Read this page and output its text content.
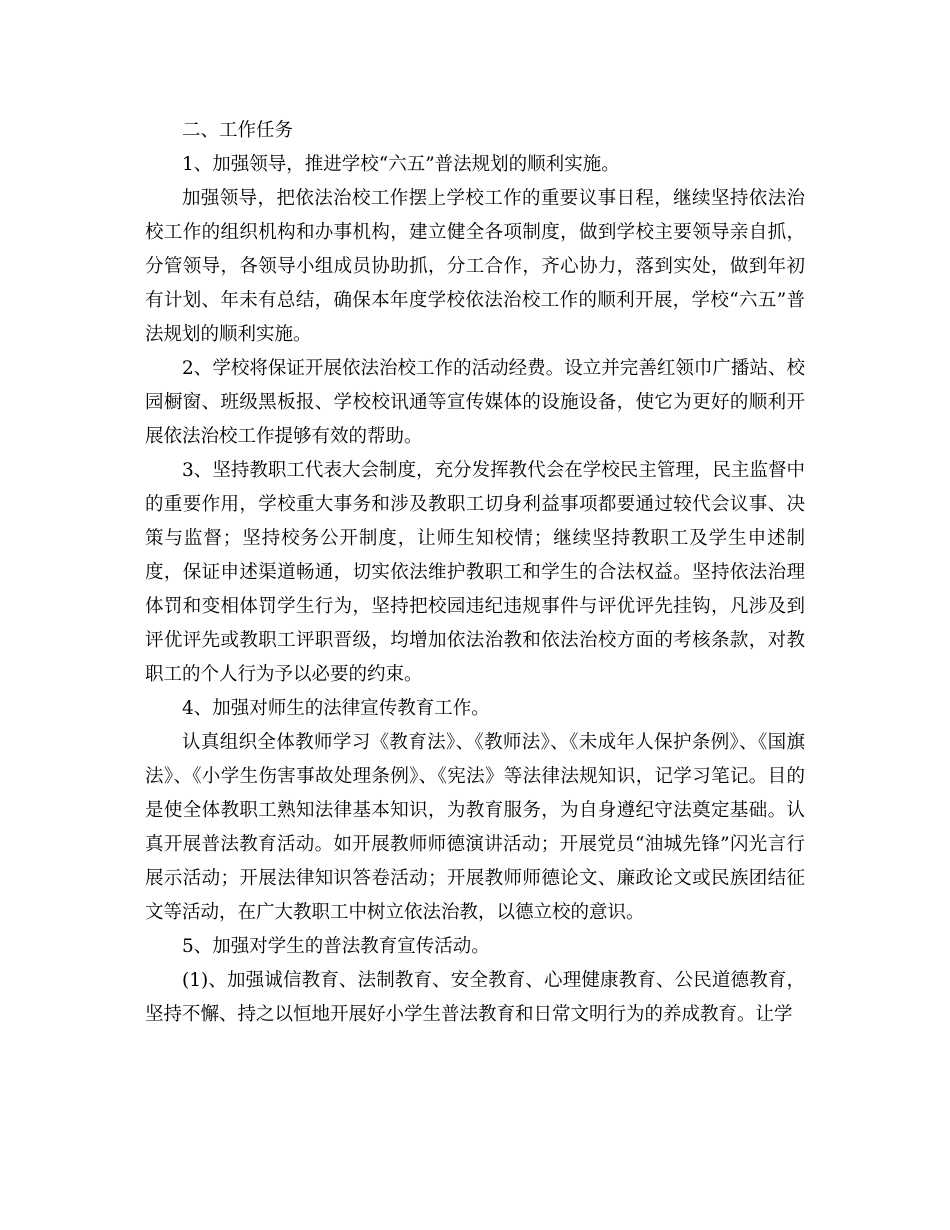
二、工作任务

1、加强领导，推进学校“六五”普法规划的顺利实施。

加强领导，把依法治校工作摆上学校工作的重要议事日程，继续坚持依法治校工作的组织机构和办事机构，建立健全各项制度，做到学校主要领导亲自抓，分管领导，各领导小组成员协助抓，分工合作，齐心协力，落到实处，做到年初有计划、年未有总结，确保本年度学校依法治校工作的顺利开展，学校“六五”普法规划的顺利实施。

2、学校将保证开展依法治校工作的活动经费。设立并完善红领巾广播站、校园橱窗、班级黑板报、学校校讯通等宣传媒体的设施设备，使它为更好的顺利开展依法治校工作提够有效的帮助。

3、坚持教职工代表大会制度，充分发挥教代会在学校民主管理，民主监督中的重要作用，学校重大事务和涉及教职工切身利益事项都要通过较代会议事、决策与监督；坚持校务公开制度，让师生知校情；继续坚持教职工及学生申述制度，保证申述渠道畅通，切实依法维护教职工和学生的合法权益。坚持依法治理体罚和变相体罚学生行为，坚持把校园违纪违规事件与评优评先挂钩，凡涉及到评优评先或教职工评职晋级，均增加依法治教和依法治校方面的考核条款，对教职工的个人行为予以必要的约束。

4、加强对师生的法律宣传教育工作。

认真组织全体教师学习《教育法》、《教师法》、《未成年人保护条例》、《国旗法》、《小学生伤害事故处理条例》、《宪法》等法律法规知识，记学习笔记。目的是使全体教职工熟知法律基本知识，为教育服务，为自身遵纪守法奠定基础。认真开展普法教育活动。如开展教师师德演讲活动；开展党员“油城先锋”闪光言行展示活动；开展法律知识答卷活动；开展教师师德论文、廉政论文或民族团结征文等活动，在广大教职工中树立依法治教，以德立校的意识。

5、加强对学生的普法教育宣传活动。

(1)、加强诚信教育、法制教育、安全教育、心理健康教育、公民道德教育，坚持不懈、持之以恒地开展好小学生普法教育和日常文明行为的养成教育。让学
